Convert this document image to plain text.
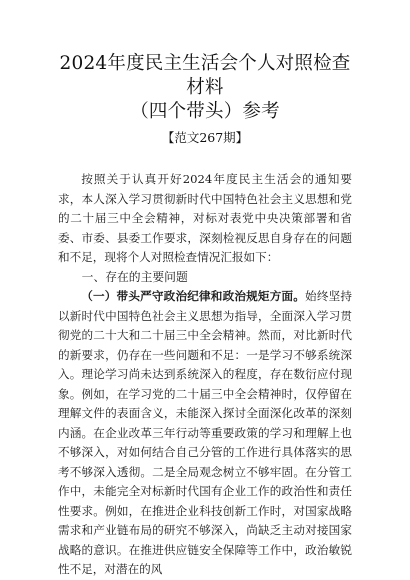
2024年度民主生活会个人对照检查材料
（四个带头）参考
【范文267期】

按照关于认真开好2024年度民主生活会的通知要求，本人深入学习贯彻新时代中国特色社会主义思想和党的二十届三中全会精神，对标对表党中央决策部署和省委、市委、县委工作要求，深刻检视反思自身存在的问题和不足，现将个人对照检查情况汇报如下：

一、存在的主要问题

（一）带头严守政治纪律和政治规矩方面。始终坚持以新时代中国特色社会主义思想为指导，全面深入学习贯彻党的二十大和二十届三中全会精神。然而，对比新时代的新要求，仍存在一些问题和不足：一是学习不够系统深入。理论学习尚未达到系统深入的程度，存在数衍应付现象。例如，在学习党的二十届三中全会精神时，仅停留在理解文件的表面含义，未能深入探讨全面深化改革的深刻内涵。在企业改革三年行动等重要政策的学习和理解上也不够深入，对如何结合自己分管的工作进行具体落实的思考不够深入透彻。二是全局观念树立不够牢固。在分管工作中，未能完全对标新时代国有企业工作的政治性和责任性要求。例如，在推进企业科技创新工作时，对国家战略需求和产业链布局的研究不够深入，尚缺乏主动对接国家战略的意识。在推进供应链安全保障等工作中，政治敏锐性不足，对潜在的风
